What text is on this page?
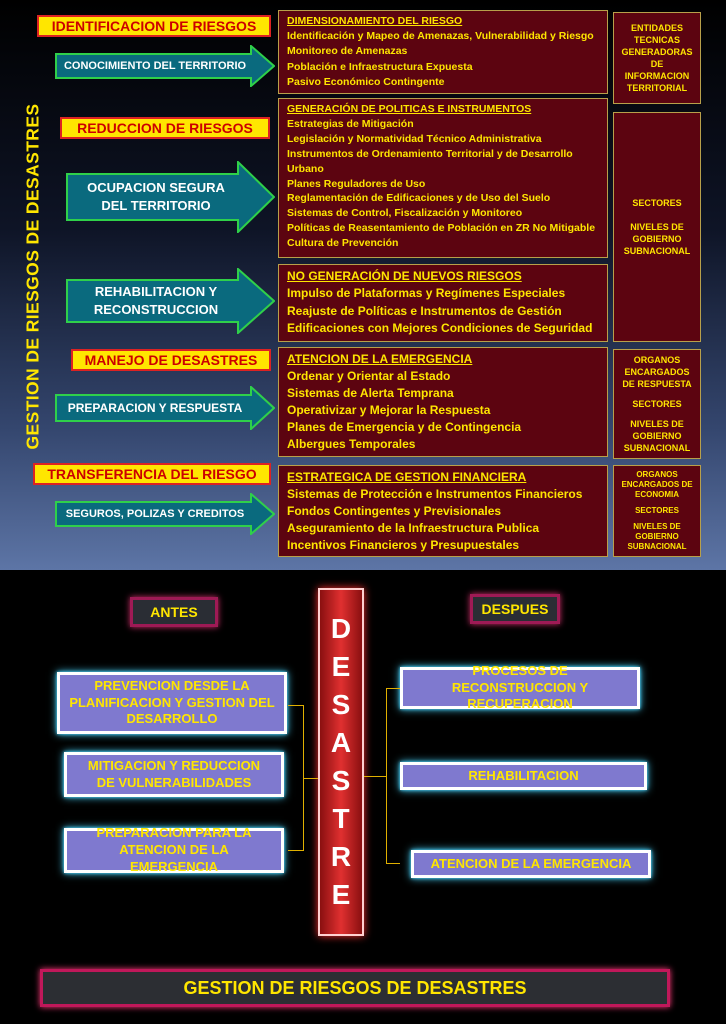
GESTION DE RIESGOS DE DESASTRES
IDENTIFICACION DE RIESGOS
REDUCCION DE RIESGOS
MANEJO DE DESASTRES
TRANSFERENCIA DEL RIESGO
CONOCIMIENTO DEL TERRITORIO
OCUPACION SEGURA DEL TERRITORIO
REHABILITACION Y RECONSTRUCCION
PREPARACION Y RESPUESTA
SEGUROS, POLIZAS Y CREDITOS
DIMENSIONAMIENTO DEL RIESGO
Identificación y Mapeo de Amenazas, Vulnerabilidad y Riesgo
Monitoreo de Amenazas
Población e Infraestructura Expuesta
Pasivo Económico Contingente
GENERACIÓN DE POLITICAS E INSTRUMENTOS
Estrategias de Mitigación
Legislación y Normatividad Técnico Administrativa
Instrumentos de Ordenamiento Territorial y de Desarrollo Urbano
Planes Reguladores de Uso
Reglamentación de Edificaciones y de Uso del Suelo
Sistemas de Control, Fiscalización y Monitoreo
Políticas de Reasentamiento de Población en ZR No Mitigable
Cultura de Prevención
NO GENERACIÓN DE NUEVOS RIESGOS
Impulso de Plataformas y Regímenes Especiales
Reajuste de Políticas e Instrumentos de Gestión
Edificaciones con Mejores Condiciones de Seguridad
ATENCION DE LA EMERGENCIA
Ordenar y Orientar al Estado
Sistemas de Alerta Temprana
Operativizar y Mejorar la Respuesta
Planes de Emergencia y de Contingencia
Albergues Temporales
ESTRATEGICA DE GESTION FINANCIERA
Sistemas de Protección e Instrumentos Financieros
Fondos Contingentes y Previsionales
Aseguramiento de la Infraestructura Publica
Incentivos Financieros y Presupuestales
ENTIDADES
TECNICAS
GENERADORAS
DE
INFORMACION
TERRITORIAL
SECTORES
NIVELES DE
GOBIERNO
SUBNACIONAL
ORGANOS
ENCARGADOS
DE RESPUESTA
SECTORES
NIVELES DE
GOBIERNO
SUBNACIONAL
ORGANOS
ENCARGADOS DE
ECONOMIA
SECTORES
NIVELES DE
GOBIERNO
SUBNACIONAL
ANTES	DESPUES
D
E
S
A
S
T
R
E
PREVENCION DESDE LA PLANIFICACION Y GESTION DEL DESARROLLO
MITIGACION Y REDUCCION DE VULNERABILIDADES
PREPARACION PARA LA ATENCION DE LA EMERGENCIA
PROCESOS DE RECONSTRUCCION Y RECUPERACION
REHABILITACION
ATENCION DE LA EMERGENCIA
GESTION DE RIESGOS DE DESASTRES
